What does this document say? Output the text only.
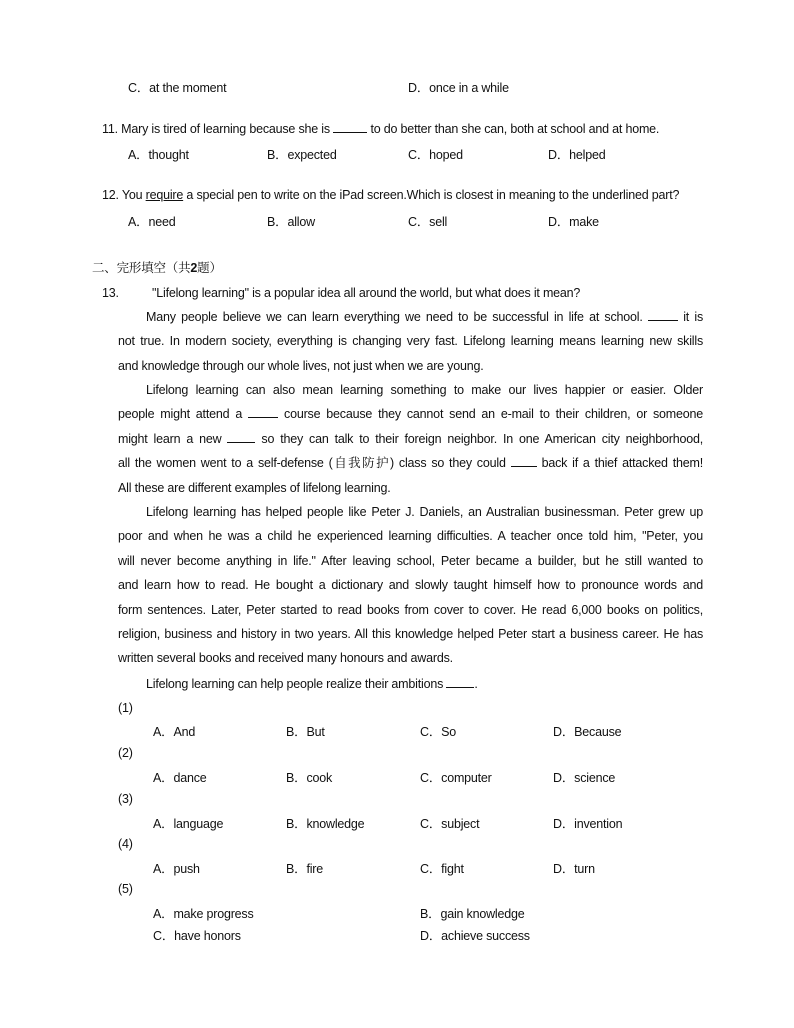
C．at the moment	D．once in a while
11. Mary is tired of learning because she is	to do better than she can, both at school and at home.
A．thought	B．expected	C．hoped	D．helped
12. You require a special pen to write on the iPad screen.Which is closest in meaning to the underlined part?
A．need	B．allow	C．sell	D．make
二、完形填空（共2题）
13.	"Lifelong learning" is a popular idea all around the world, but what does it mean?
Many people believe we can learn everything we need to be successful in life at school.	it is
not true. In modern society, everything is changing very fast. Lifelong learning means learning new skills
and knowledge through our whole lives, not just when we are young.
Lifelong learning can also mean learning something to make our lives happier or easier. Older
people might attend a	course because they cannot send an e-mail to their children, or someone
might learn a new	so they can talk to their foreign neighbor. In one American city neighborhood,
all the women went to a self-defense (自我防护) class so they could	back if a thief attacked them!
All these are different examples of lifelong learning.
Lifelong learning has helped people like Peter J. Daniels, an Australian businessman. Peter grew up
poor and when he was a child he experienced learning difficulties. A teacher once told him, "Peter, you
will never become anything in life." After leaving school, Peter became a builder, but he still wanted to
and learn how to read. He bought a dictionary and slowly taught himself how to pronounce words and
form sentences. Later, Peter started to read books from cover to cover. He read 6,000 books on politics,
religion, business and history in two years. All this knowledge helped Peter start a business career. He has
written several books and received many honours and awards.
Lifelong learning can help people realize their ambitions	.
(1)
A．And	B．But	C．So	D．Because
(2)
A．dance	B．cook	C．computer	D．science
(3)
A．language	B．knowledge	C．subject	D．invention
(4)
A．push	B．fire	C．fight	D．turn
(5)
A．make progress	B．gain knowledge
C．have honors	D．achieve success
